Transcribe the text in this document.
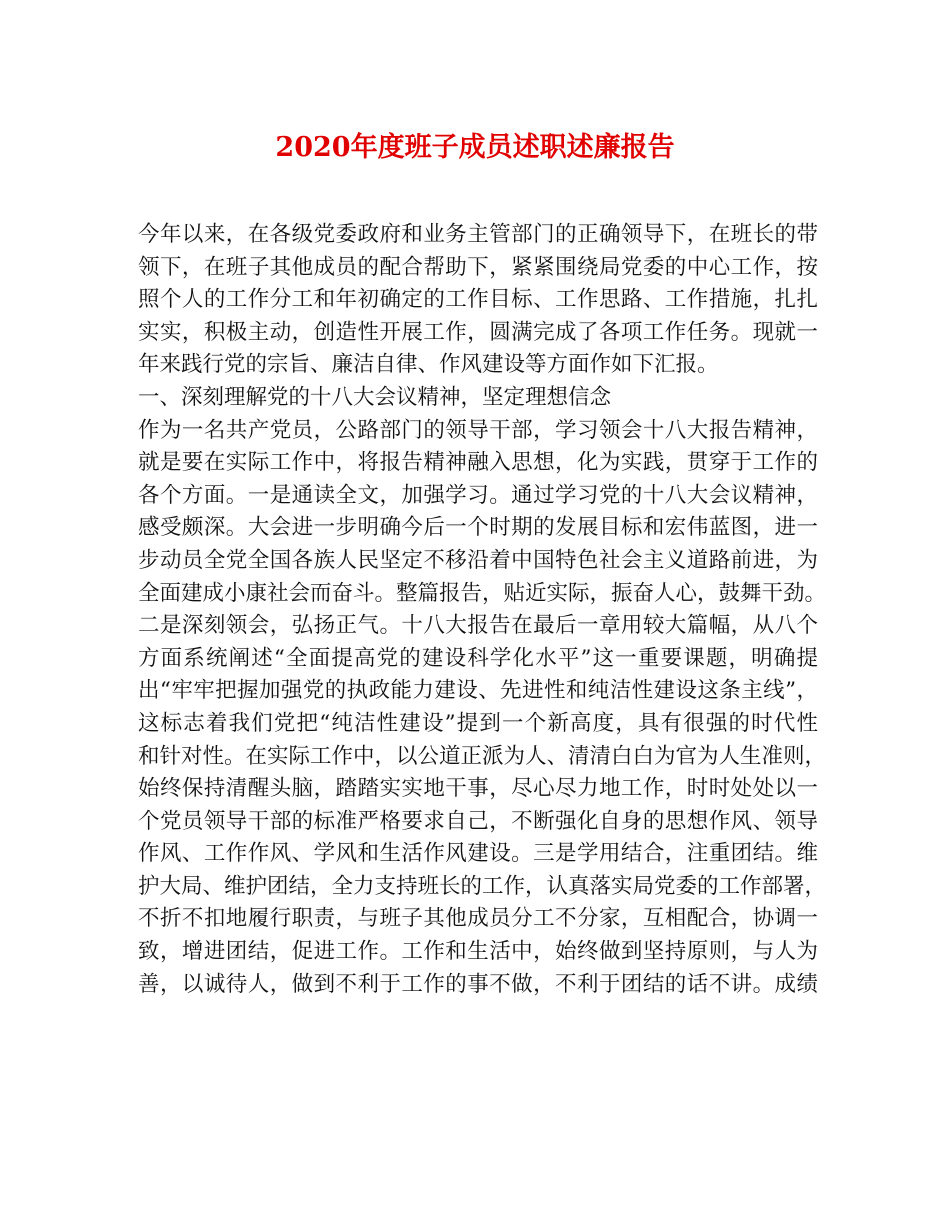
2020年度班子成员述职述廉报告
今年以来，在各级党委政府和业务主管部门的正确领导下，在班长的带
领下，在班子其他成员的配合帮助下，紧紧围绕局党委的中心工作，按
照个人的工作分工和年初确定的工作目标、工作思路、工作措施，扎扎
实实，积极主动，创造性开展工作，圆满完成了各项工作任务。现就一
年来践行党的宗旨、廉洁自律、作风建设等方面作如下汇报。
一、深刻理解党的十八大会议精神，坚定理想信念
作为一名共产党员，公路部门的领导干部，学习领会十八大报告精神，
就是要在实际工作中，将报告精神融入思想，化为实践，贯穿于工作的
各个方面。一是通读全文，加强学习。通过学习党的十八大会议精神，
感受颇深。大会进一步明确今后一个时期的发展目标和宏伟蓝图，进一
步动员全党全国各族人民坚定不移沿着中国特色社会主义道路前进，为
全面建成小康社会而奋斗。整篇报告，贴近实际，振奋人心，鼓舞干劲。
二是深刻领会，弘扬正气。十八大报告在最后一章用较大篇幅，从八个
方面系统阐述“全面提高党的建设科学化水平”这一重要课题，明确提
出“牢牢把握加强党的执政能力建设、先进性和纯洁性建设这条主线”，
这标志着我们党把“纯洁性建设”提到一个新高度，具有很强的时代性
和针对性。在实际工作中，以公道正派为人、清清白白为官为人生准则，
始终保持清醒头脑，踏踏实实地干事，尽心尽力地工作，时时处处以一
个党员领导干部的标准严格要求自己，不断强化自身的思想作风、领导
作风、工作作风、学风和生活作风建设。三是学用结合，注重团结。维
护大局、维护团结，全力支持班长的工作，认真落实局党委的工作部署，
不折不扣地履行职责，与班子其他成员分工不分家，互相配合，协调一
致，增进团结，促进工作。工作和生活中，始终做到坚持原则，与人为
善，以诚待人，做到不利于工作的事不做，不利于团结的话不讲。成绩
